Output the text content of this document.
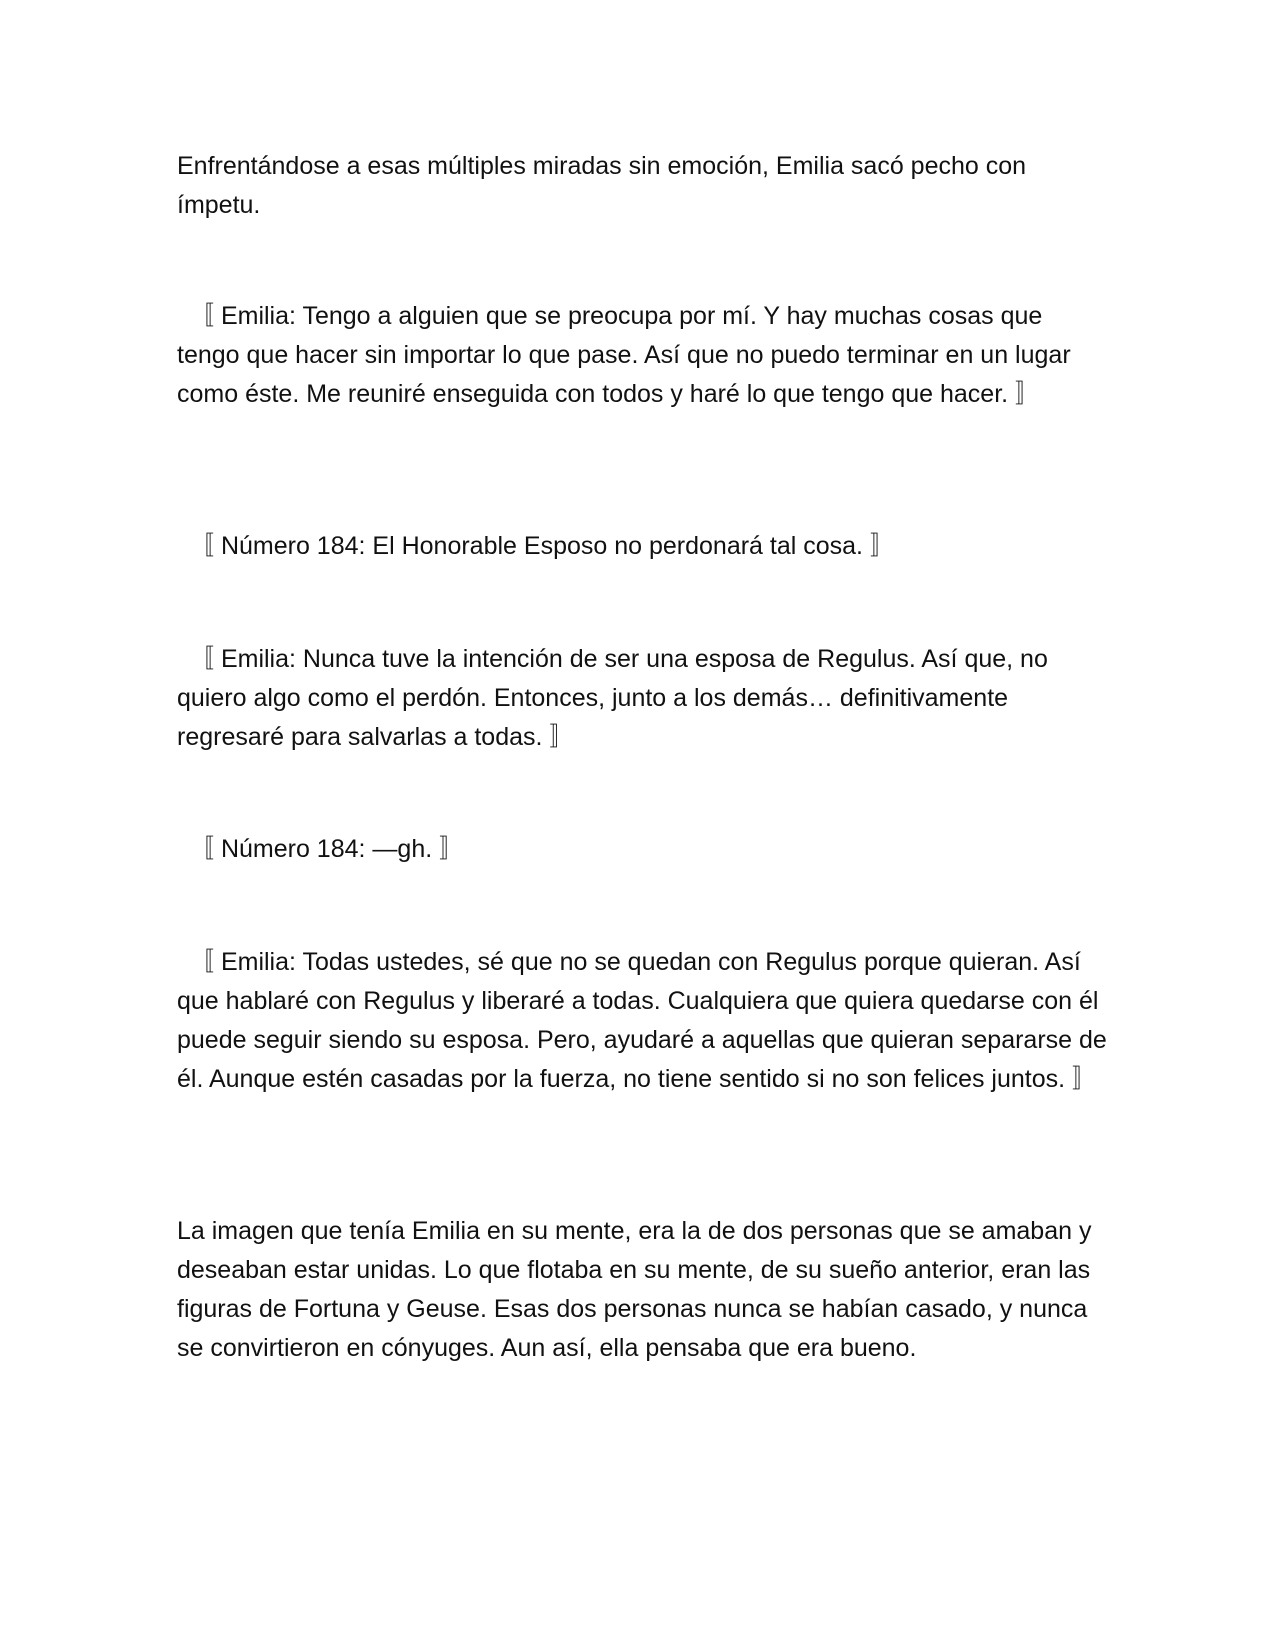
Enfrentándose a esas múltiples miradas sin emoción, Emilia sacó pecho con ímpetu.

〚 Emilia: Tengo a alguien que se preocupa por mí. Y hay muchas cosas que tengo que hacer sin importar lo que pase. Así que no puedo terminar en un lugar como éste. Me reuniré enseguida con todos y haré lo que tengo que hacer. 〛

〚 Número 184: El Honorable Esposo no perdonará tal cosa. 〛

〚 Emilia: Nunca tuve la intención de ser una esposa de Regulus. Así que, no quiero algo como el perdón. Entonces, junto a los demás… definitivamente regresaré para salvarlas a todas. 〛

〚 Número 184: —gh. 〛

〚 Emilia: Todas ustedes, sé que no se quedan con Regulus porque quieran. Así que hablaré con Regulus y liberaré a todas. Cualquiera que quiera quedarse con él puede seguir siendo su esposa. Pero, ayudaré a aquellas que quieran separarse de él. Aunque estén casadas por la fuerza, no tiene sentido si no son felices juntos. 〛

La imagen que tenía Emilia en su mente, era la de dos personas que se amaban y deseaban estar unidas. Lo que flotaba en su mente, de su sueño anterior, eran las figuras de Fortuna y Geuse. Esas dos personas nunca se habían casado, y nunca se convirtieron en cónyuges. Aun así, ella pensaba que era bueno.
